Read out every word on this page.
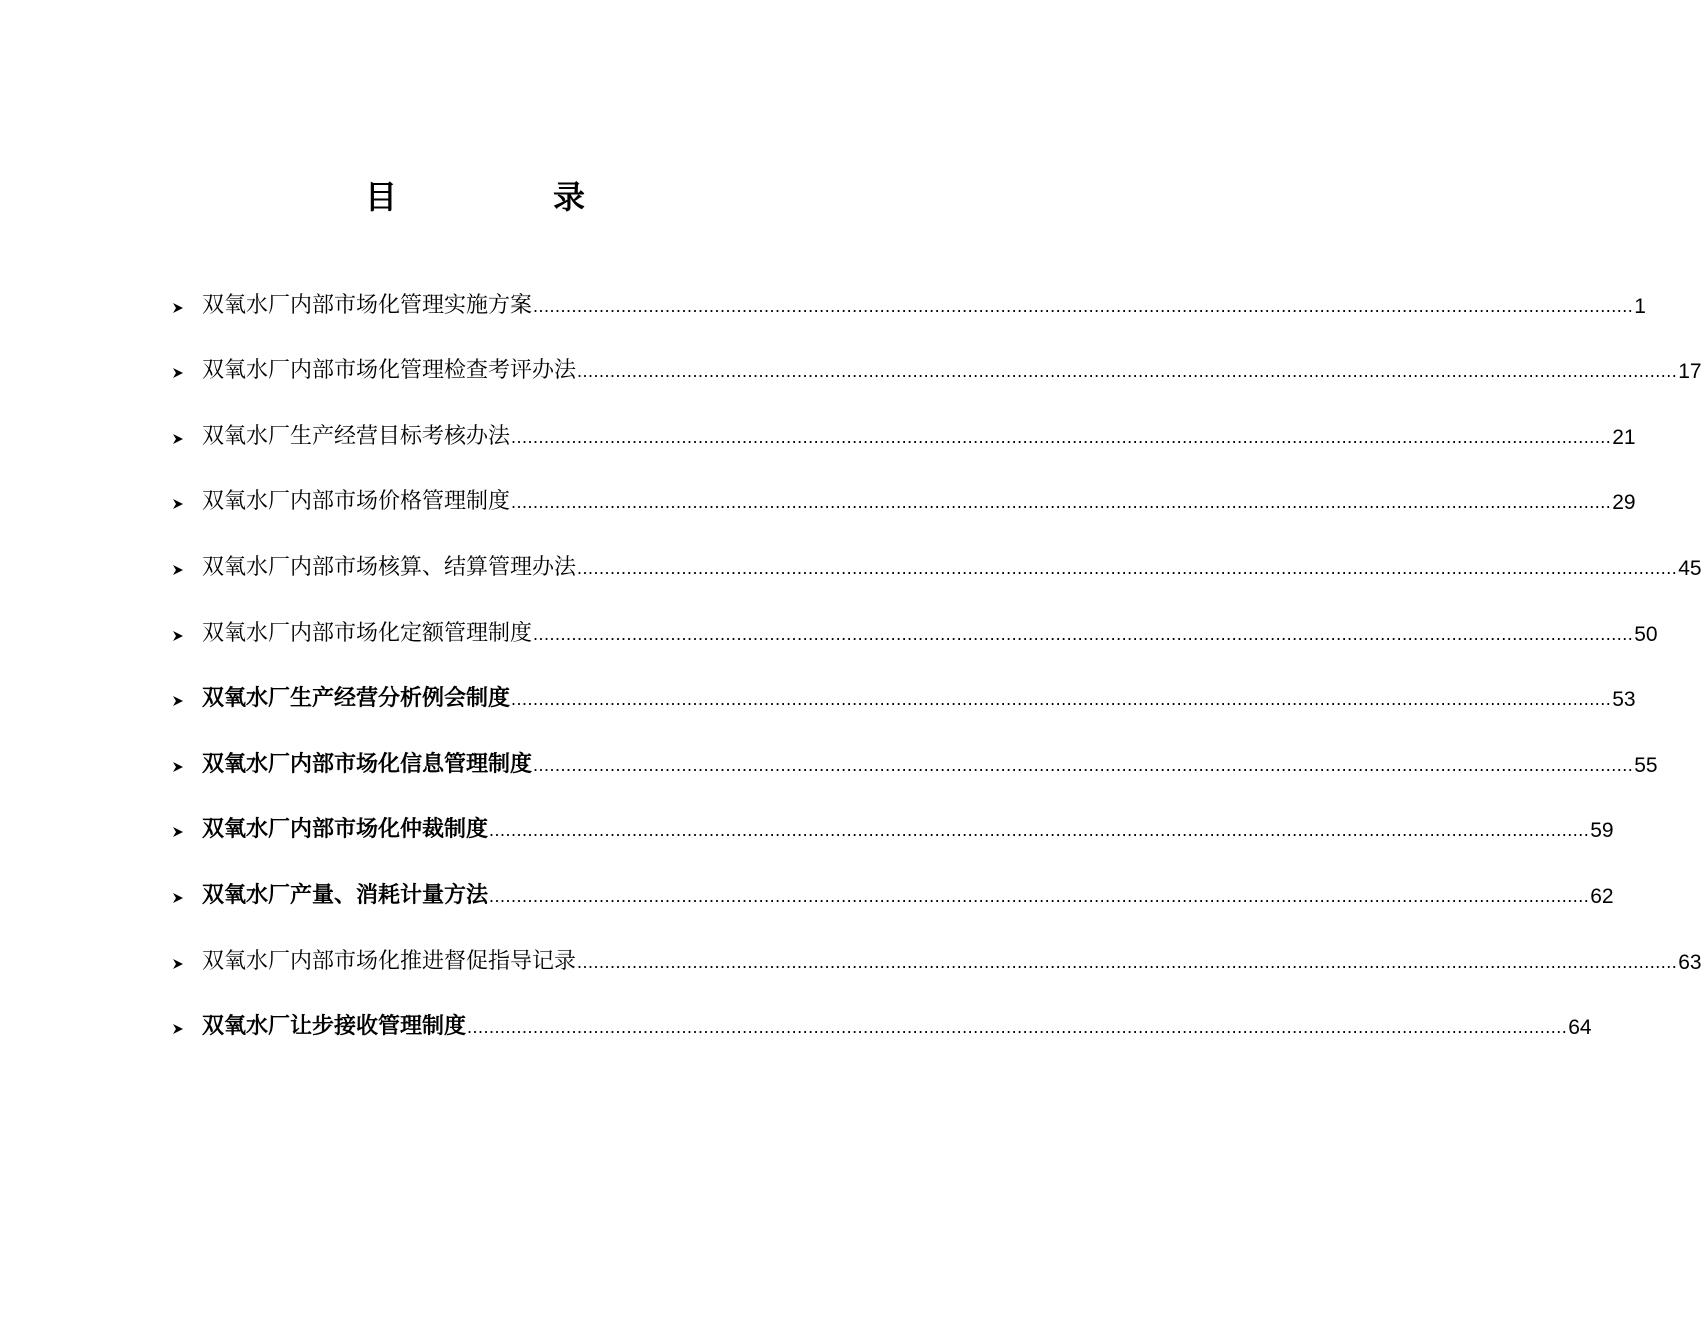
目　录
双氧水厂内部市场化管理实施方案 ........................................................................................................................................................................................................ 1
双氧水厂内部市场化管理检查考评办法 ........................................................................................................................................................................................................ 17
双氧水厂生产经营目标考核办法 ........................................................................................................................................................................................................ 21
双氧水厂内部市场价格管理制度 ........................................................................................................................................................................................................ 29
双氧水厂内部市场核算、结算管理办法 ........................................................................................................................................................................................................ 45
双氧水厂内部市场化定额管理制度 ........................................................................................................................................................................................................ 50
双氧水厂生产经营分析例会制度 ........................................................................................................................................................................................................ 53
双氧水厂内部市场化信息管理制度 ........................................................................................................................................................................................................ 55
双氧水厂内部市场化仲裁制度 ........................................................................................................................................................................................................ 59
双氧水厂产量、消耗计量方法 ........................................................................................................................................................................................................ 62
双氧水厂内部市场化推进督促指导记录 ........................................................................................................................................................................................................ 63
双氧水厂让步接收管理制度 ........................................................................................................................................................................................................ 64
